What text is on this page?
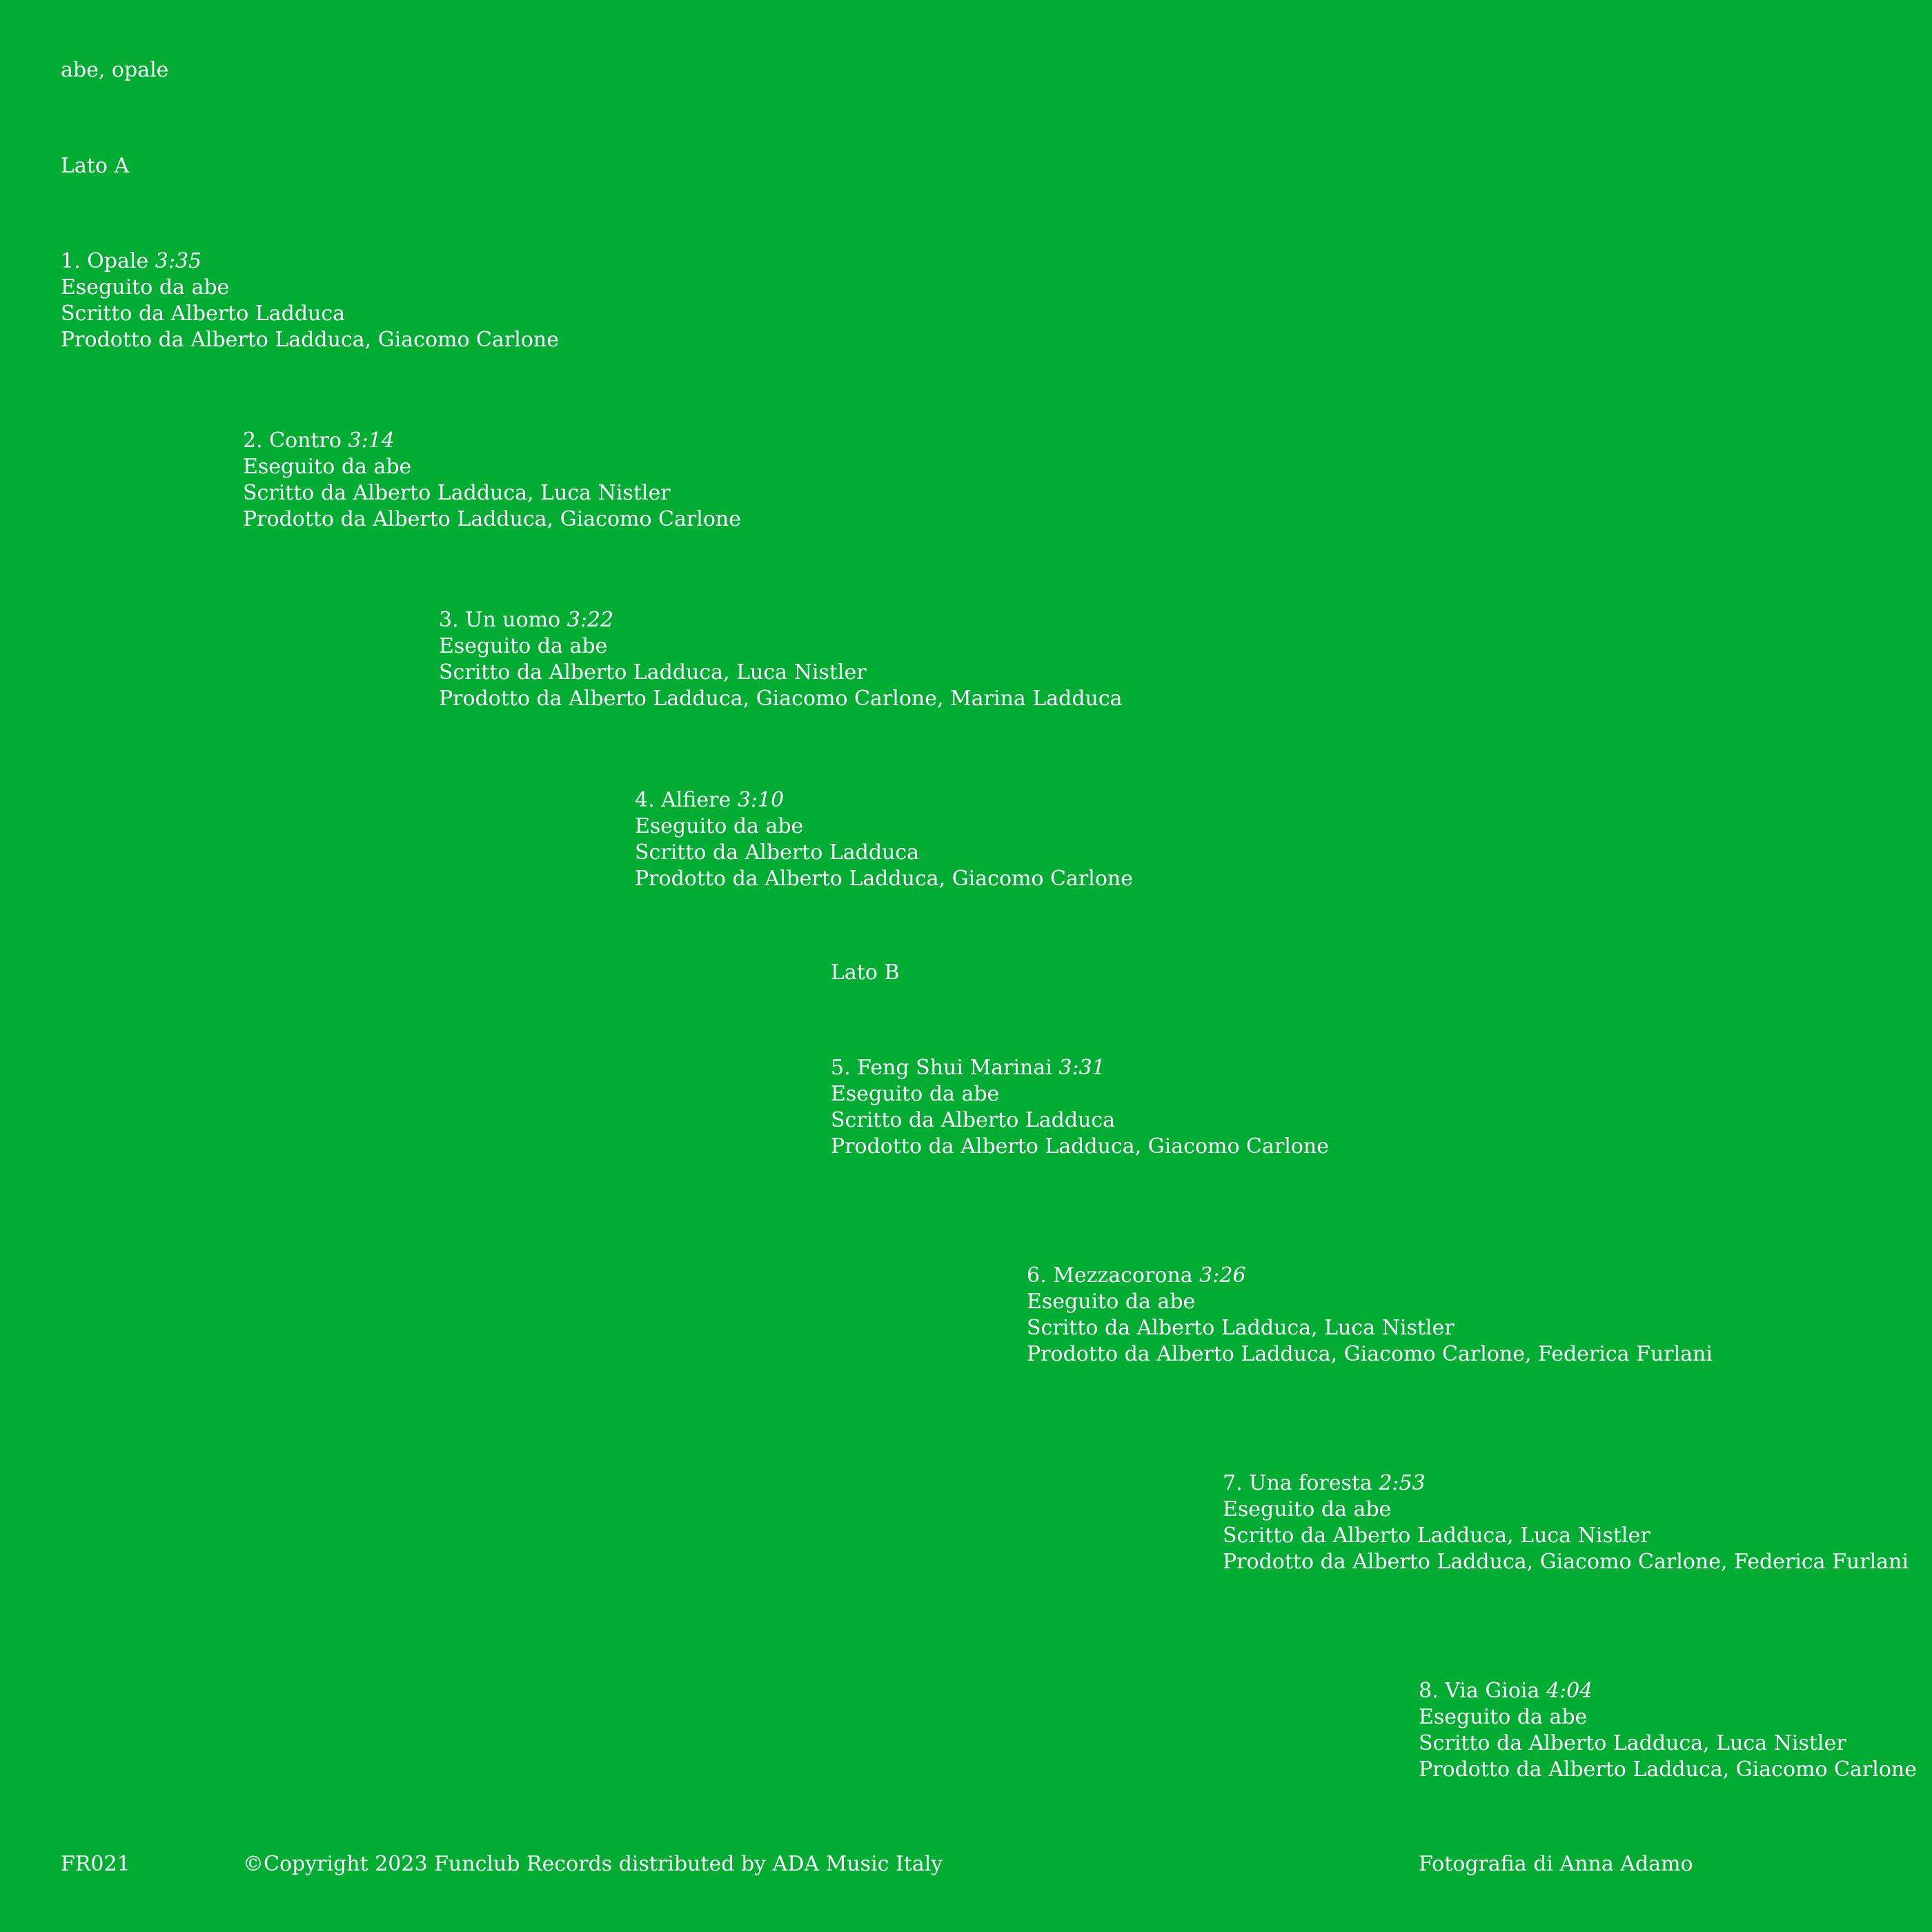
abe, opale
Lato A
1. Opale 3:35
Eseguito da abe
Scritto da Alberto Ladduca
Prodotto da Alberto Ladduca, Giacomo Carlone
2. Contro 3:14
Eseguito da abe
Scritto da Alberto Ladduca, Luca Nistler
Prodotto da Alberto Ladduca, Giacomo Carlone
3. Un uomo 3:22
Eseguito da abe
Scritto da Alberto Ladduca, Luca Nistler
Prodotto da Alberto Ladduca, Giacomo Carlone, Marina Ladduca
4. Alfiere 3:10
Eseguito da abe
Scritto da Alberto Ladduca
Prodotto da Alberto Ladduca, Giacomo Carlone
Lato B
5. Feng Shui Marinai 3:31
Eseguito da abe
Scritto da Alberto Ladduca
Prodotto da Alberto Ladduca, Giacomo Carlone
6. Mezzacorona 3:26
Eseguito da abe
Scritto da Alberto Ladduca, Luca Nistler
Prodotto da Alberto Ladduca, Giacomo Carlone, Federica Furlani
7. Una foresta 2:53
Eseguito da abe
Scritto da Alberto Ladduca, Luca Nistler
Prodotto da Alberto Ladduca, Giacomo Carlone, Federica Furlani
8. Via Gioia 4:04
Eseguito da abe
Scritto da Alberto Ladduca, Luca Nistler
Prodotto da Alberto Ladduca, Giacomo Carlone
FR021	©Copyright 2023 Funclub Records distributed by ADA Music Italy	Fotografia di Anna Adamo
